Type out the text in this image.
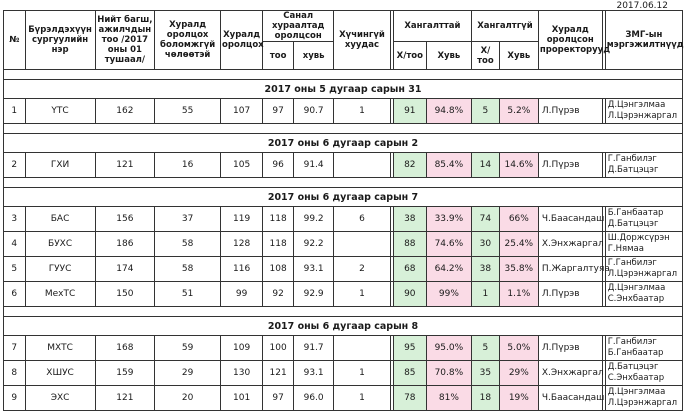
2017.06.12
№	Бүрэлдэхүүн сургуулийн нэр	Нийт багш, ажилчдын тоо /2017 оны 01 тушаал/	Хуралд оролцох боломжгүй чөлөөтэй	Хуралд оролцох	Санал хураалтад оролцсон		Хүчингүй хуудас		Хангалттай		Хангалтгүй		Хуралд оролцсон проректорууд		ЗМГ-ын мэргэжилтнүүд
					тоо	хувь			Х/тоо	Хувь	Х/тоо	Хувь			

2017 оны 5 дугаар сарын 31															
1	ҮТС	162	55	107	97	90.7	1		91	94.8%	5	5.2%	Л.Пүрэв		Д.Цэнгэлмаа
Л.Цэрэнжаргал

2017 оны 6 дугаар сарын 2															
2	ГХИ	121	16	105	96	91.4			82	85.4%	14	14.6%	Л.Пүрэв		Г.Ганбилэг
Д.Батцэцэг

2017 оны 6 дугаар сарын 7															
3	БАС	156	37	119	118	99.2	6		38	33.9%	74	66%	Ч.Баасандаш		Б.Ганбаатар
Д.Батцэцэг

4	БУХС	186	58	128	118	92.2			88	74.6%	30	25.4%	Х.Энхжаргал		Ш.Доржсүрэн
Г.Нямаа

5	ГУУС	174	58	116	108	93.1	2		68	64.2%	38	35.8%	П.Жаргалтуяа		Г.Ганбилэг
Л.Цэрэнжаргал

6	МехТС	150	51	99	92	92.9	1		90	99%	1	1.1%	Л.Пүрэв		Д.Цэнгэлмаа
С.Энхбаатар

2017 оны 6 дугаар сарын 8															
7	МХТС	168	59	109	100	91.7			95	95.0%	5	5.0%	Л.Пүрэв		Г.Ганбилэг
Б.Ганбаатар

8	ХШУС	159	29	130	121	93.1	1		85	70.8%	35	29%	Х.Энхжаргал		Д.Батцэцэг
С.Энхбаатар

9	ЭХС	121	20	101	97	96.0	1		78	81%	18	19%	Ч.Баасандаш		Д.Цэнгэлмаа
Л.Цэрэнжаргал
